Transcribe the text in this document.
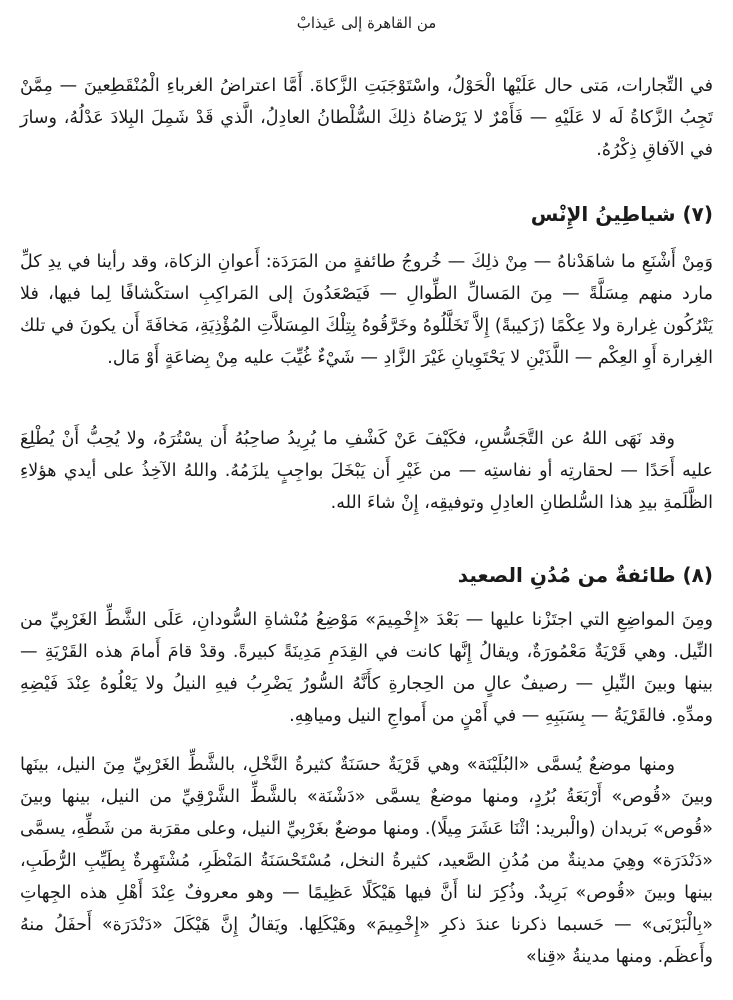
من القاهرة إلى عَيذابْ

في التِّجارات، مَتى حال عَلَيْها الْحَوْلُ، واسْتَوْجَبَتِ الزَّكاةَ. أَمَّا اعتراضُ الغرباءِ الْمُنْقَطِعينَ — مِمَّنْ تَجِبُ الزَّكاةُ لَه لا عَلَيْهِ — فَأَمْرٌ لا يَرْضاهُ ذلِكَ السُّلْطانُ العادِلُ، الَّذي قَدْ شَمِلَ البِلادَ عَدْلُهُ، وسارَ في الآفاقِ ذِكْرُهُ.

(٧) شياطِينُ الإِنْس

وَمِنْ أَشْنَعِ ما شاهَدْناهُ — مِنْ ذلِكَ — خُروجُ طائفةٍ من المَرَدَة: أَعوانِ الزكاة، وقد رأينا في يدِ كلِّ مارد منهم مِسَلَّةً — مِنَ المَسالِّ الطِّوالِ — فَيَصْعَدُونَ إلى المَراكِبِ استكْشافًا لِما فيها، فلا يَتْرُكُون غِرارة ولا عِكْمًا (زَكيبةً) إِلاَّ تَخَلَّلُوهُ وخَرَّقُوهُ بِتِلْكَ المِسَلاَّتِ المُؤْذِيَةِ، مَخافَةَ أَن يكونَ في تلك الغِرارة أَوِ العِكْم — اللَّذَيْنِ لا يَحْتَوِيانِ غَيْرَ الزَّادِ — شَيْءٌ غُيِّبَ عليه مِنْ بِضاعَةٍ أَوْ مَال.

وقد نَهَى اللهُ عن التَّجَسُّسِ، فكَيْفَ عَنْ كَشْفِ ما يُرِيدُ صاحِبُهُ أَن يسْتُرَهُ، ولا يُحِبُّ أَنْ يُطْلِعَ عليه أَحَدًا — لحقارتِه أو نفاستِه — من غَيْرِ أَن يَبْخَلَ بواجِبٍ يلزَمُهُ. واللهُ الآخِذُ على أيدي هؤلاءِ الظَّلَمةِ بيدِ هذا السُّلطانِ العادِلِ وتوفيقِه، إِنْ شاءَ الله.

(٨) طائفةٌ من مُدُنِ الصعيد

ومِنَ المواضِعِ التي اجتَزْنا عليها — بَعْدَ «إِخْمِيمَ» مَوْضِعُ مُنْشاةِ السُّودانِ، عَلَى الشَّطِّ الغَرْبِيِّ من النِّيل. وهي قَرْيَةٌ مَعْمُورَةٌ، ويقالُ إِنَّها كانت في القِدَمِ مَدِينَةً كبيرةً. وقدْ قامَ أَمامَ هذه القَرْيَةِ — بينها وبينَ النِّيلِ — رصيفٌ عالٍ من الحِجارةِ كأَنَّهُ السُّورُ يَضْرِبُ فيهِ النيلُ ولا يَعْلُوهُ عِنْدَ فَيْضِهِ ومدِّهِ. فالقَرْيَةُ — بِسَبَبِهِ — في أَمْنٍ من أَمواجِ النيل ومياهِهِ.

ومنها موضعٌ يُسمَّى «البُلَيْنَة» وهي قَرْيَةٌ حسَنَةٌ كثيرةُ النَّخْلِ، بالشَّطِّ الغَرْبِيِّ مِنَ النيل، بينَها وبينَ «قُوص» أَرْبَعَةُ بُرُدٍ، ومنها موضعٌ يسمَّى «دَشْنَة» بالشَّطِّ الشَّرْقِيِّ من النيل، بينها وبينَ «قُوص» بَريدان (والْبريد: اثْنَا عَشَرَ مِيلًا). ومنها موضعٌ بغَرْبِيِّ النيل، وعلى مقرَبة من شَطِّهِ، يسمَّى «دَنْدَرَة» وهِيَ مدينةٌ من مُدُنِ الصَّعيد، كثيرةُ النخل، مُسْتَحْسَنَةُ المَنْظَرِ، مُشْتَهِرةٌ بِطَيِّبِ الرُّطَبِ، بينها وبينَ «قُوص» بَرِيدٌ. وذُكِرَ لنا أَنَّ فيها هَيْكَلًا عَظِيمًا — وهو معروفٌ عِنْدَ أَهْلِ هذه الجِهاتِ «بِالْبَرْبَى» — حَسبما ذكرنا عندَ ذكرِ «إِخْمِيمَ» وهَيْكَلِها. ويَقالُ إِنَّ هَيْكَلَ «دَنْدَرَة» أَحفَلُ منهُ وأَعظَم. ومنها مدينةُ «قِنا»
